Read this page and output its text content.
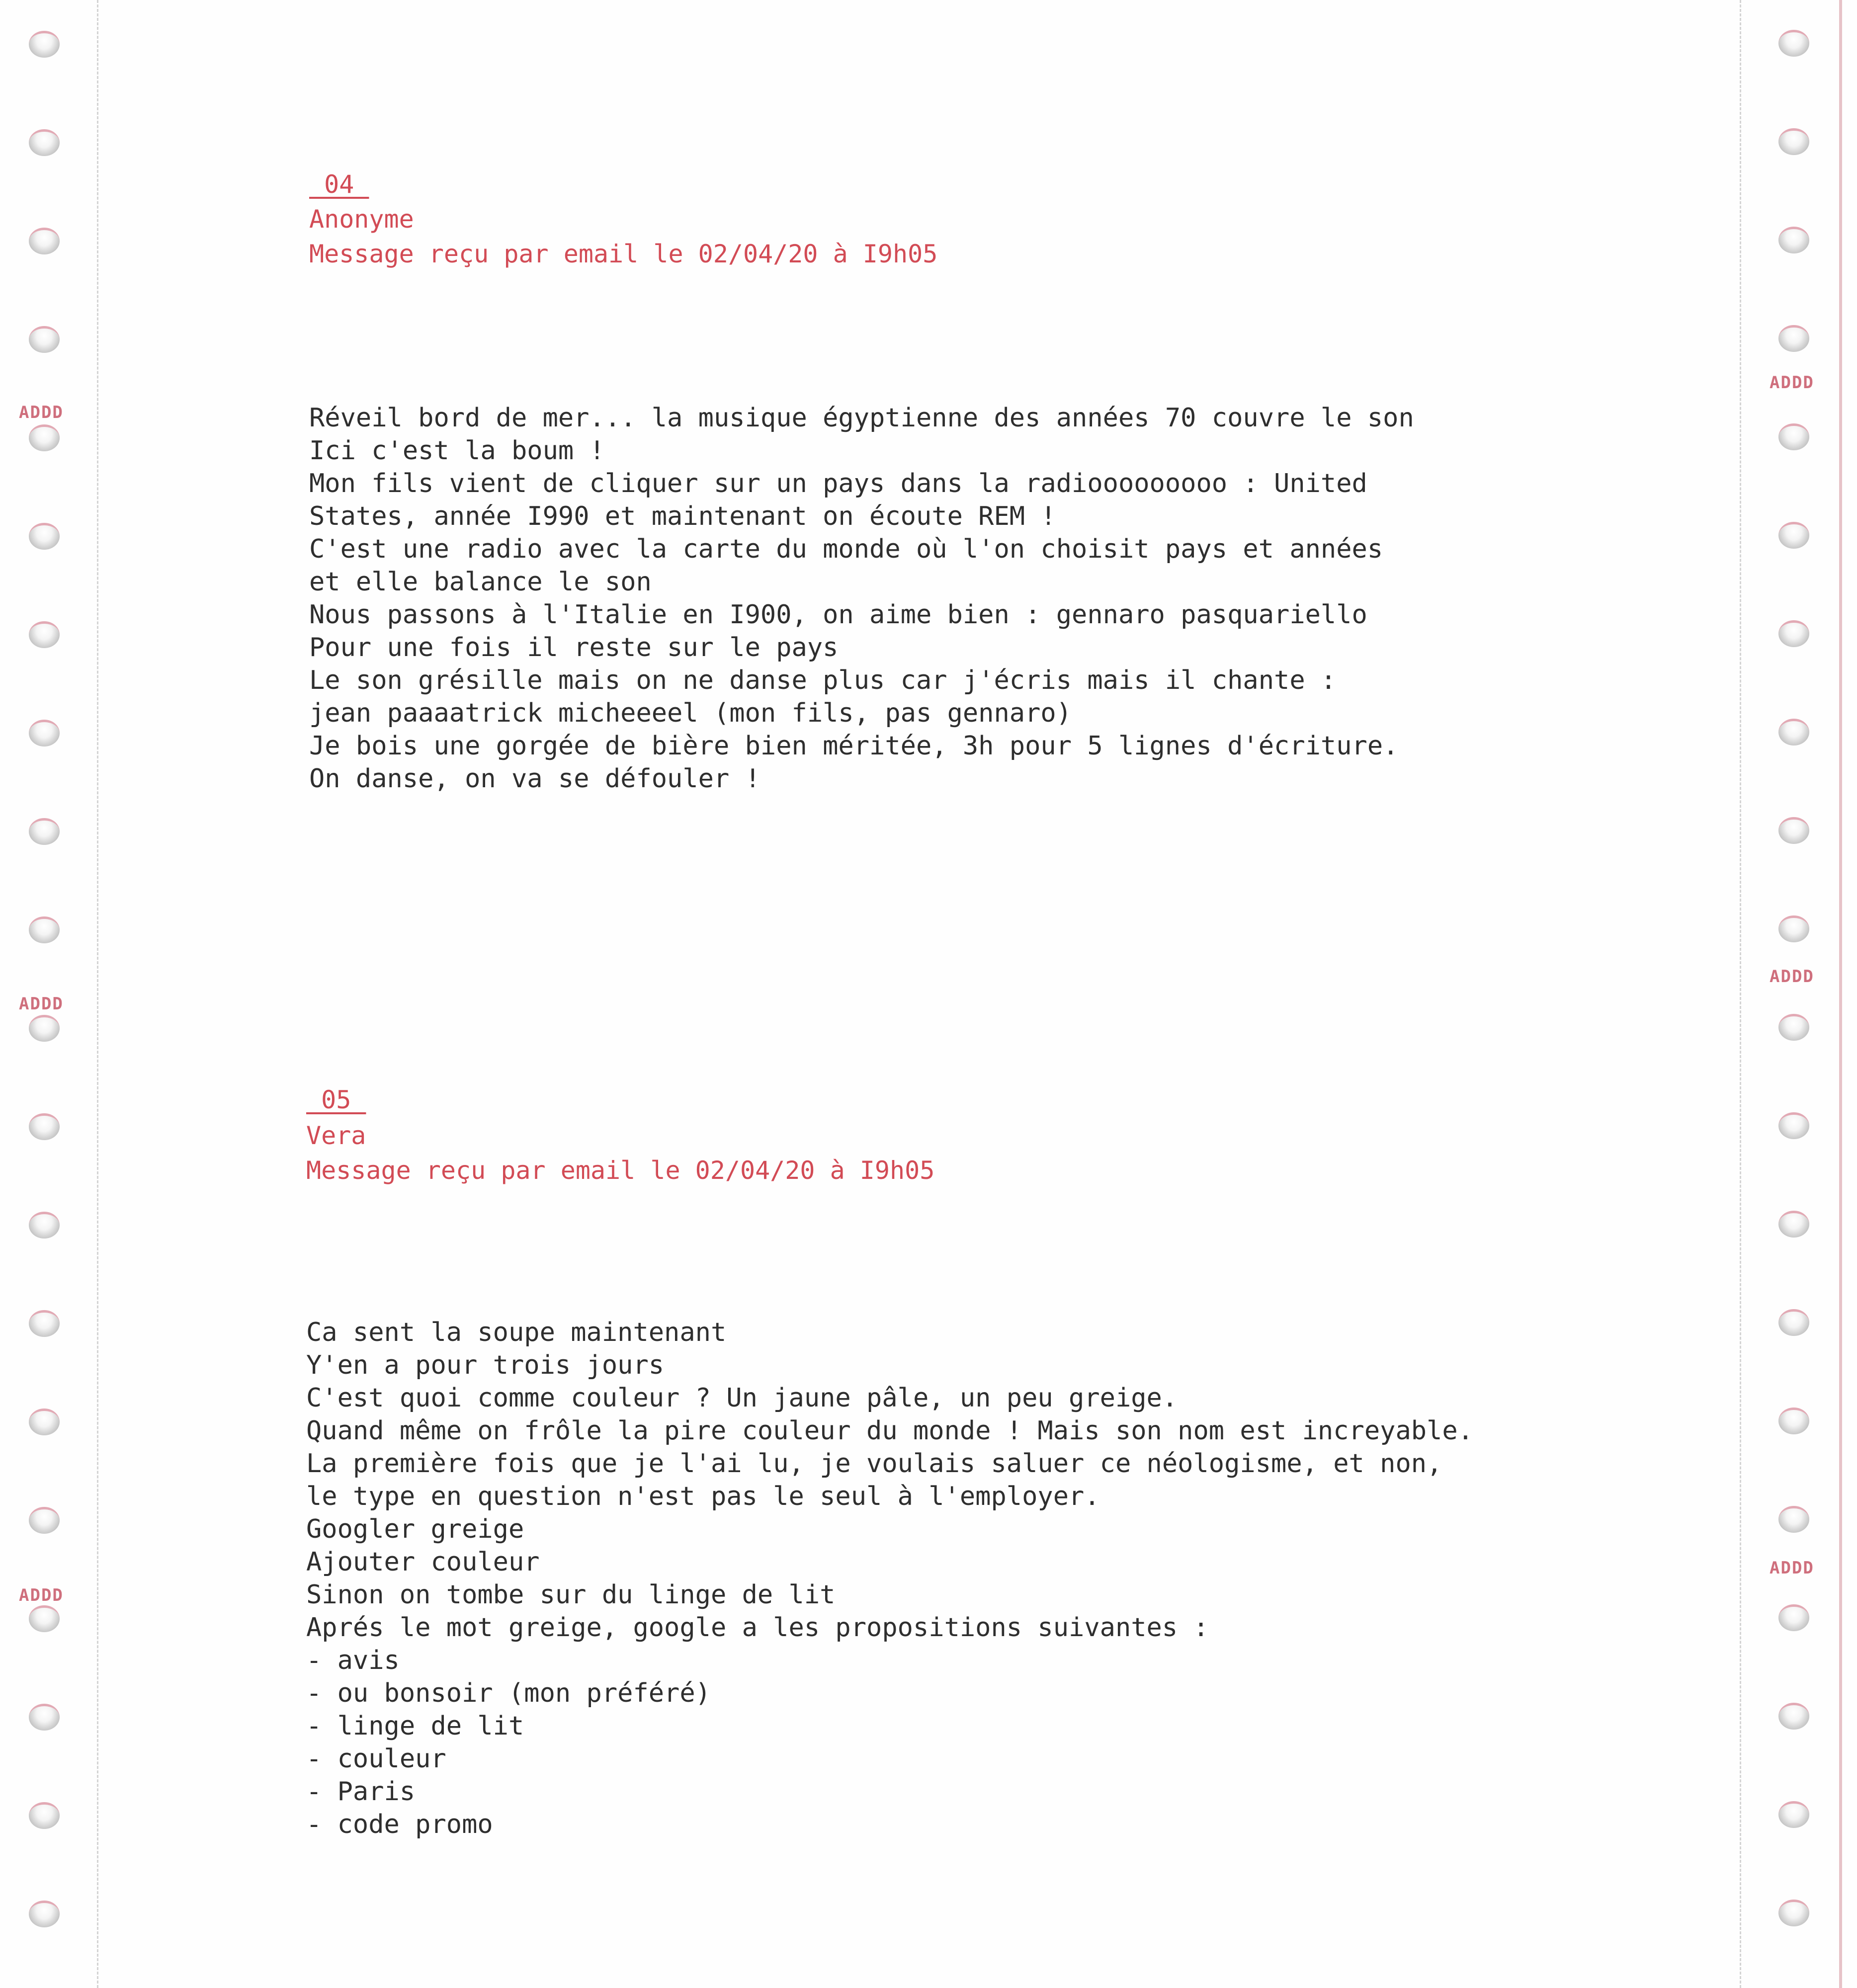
ADDD
ADDD
ADDD
ADDD
ADDD
ADDD
_04_
Anonyme
Message reçu par email le 02/04/20 à I9h05
Réveil bord de mer... la musique égyptienne des années 70 couvre le son
Ici c'est la boum !
Mon fils vient de cliquer sur un pays dans la radiooooooooo : United
States, année I990 et maintenant on écoute REM !
C'est une radio avec la carte du monde où l'on choisit pays et années
et elle balance le son
Nous passons à l'Italie en I900, on aime bien : gennaro pasquariello
Pour une fois il reste sur le pays
Le son grésille mais on ne danse plus car j'écris mais il chante :
jean paaaatrick micheeeel (mon fils, pas gennaro)
Je bois une gorgée de bière bien méritée, 3h pour 5 lignes d'écriture.
On danse, on va se défouler !
_05_
Vera
Message reçu par email le 02/04/20 à I9h05
Ca sent la soupe maintenant
Y'en a pour trois jours
C'est quoi comme couleur ? Un jaune pâle, un peu greige.
Quand même on frôle la pire couleur du monde ! Mais son nom est increyable.
La première fois que je l'ai lu, je voulais saluer ce néologisme, et non,
le type en question n'est pas le seul à l'employer.
Googler greige
Ajouter couleur
Sinon on tombe sur du linge de lit
Aprés le mot greige, google a les propositions suivantes :
- avis
- ou bonsoir (mon préféré)
- linge de lit
- couleur
- Paris
- code promo
